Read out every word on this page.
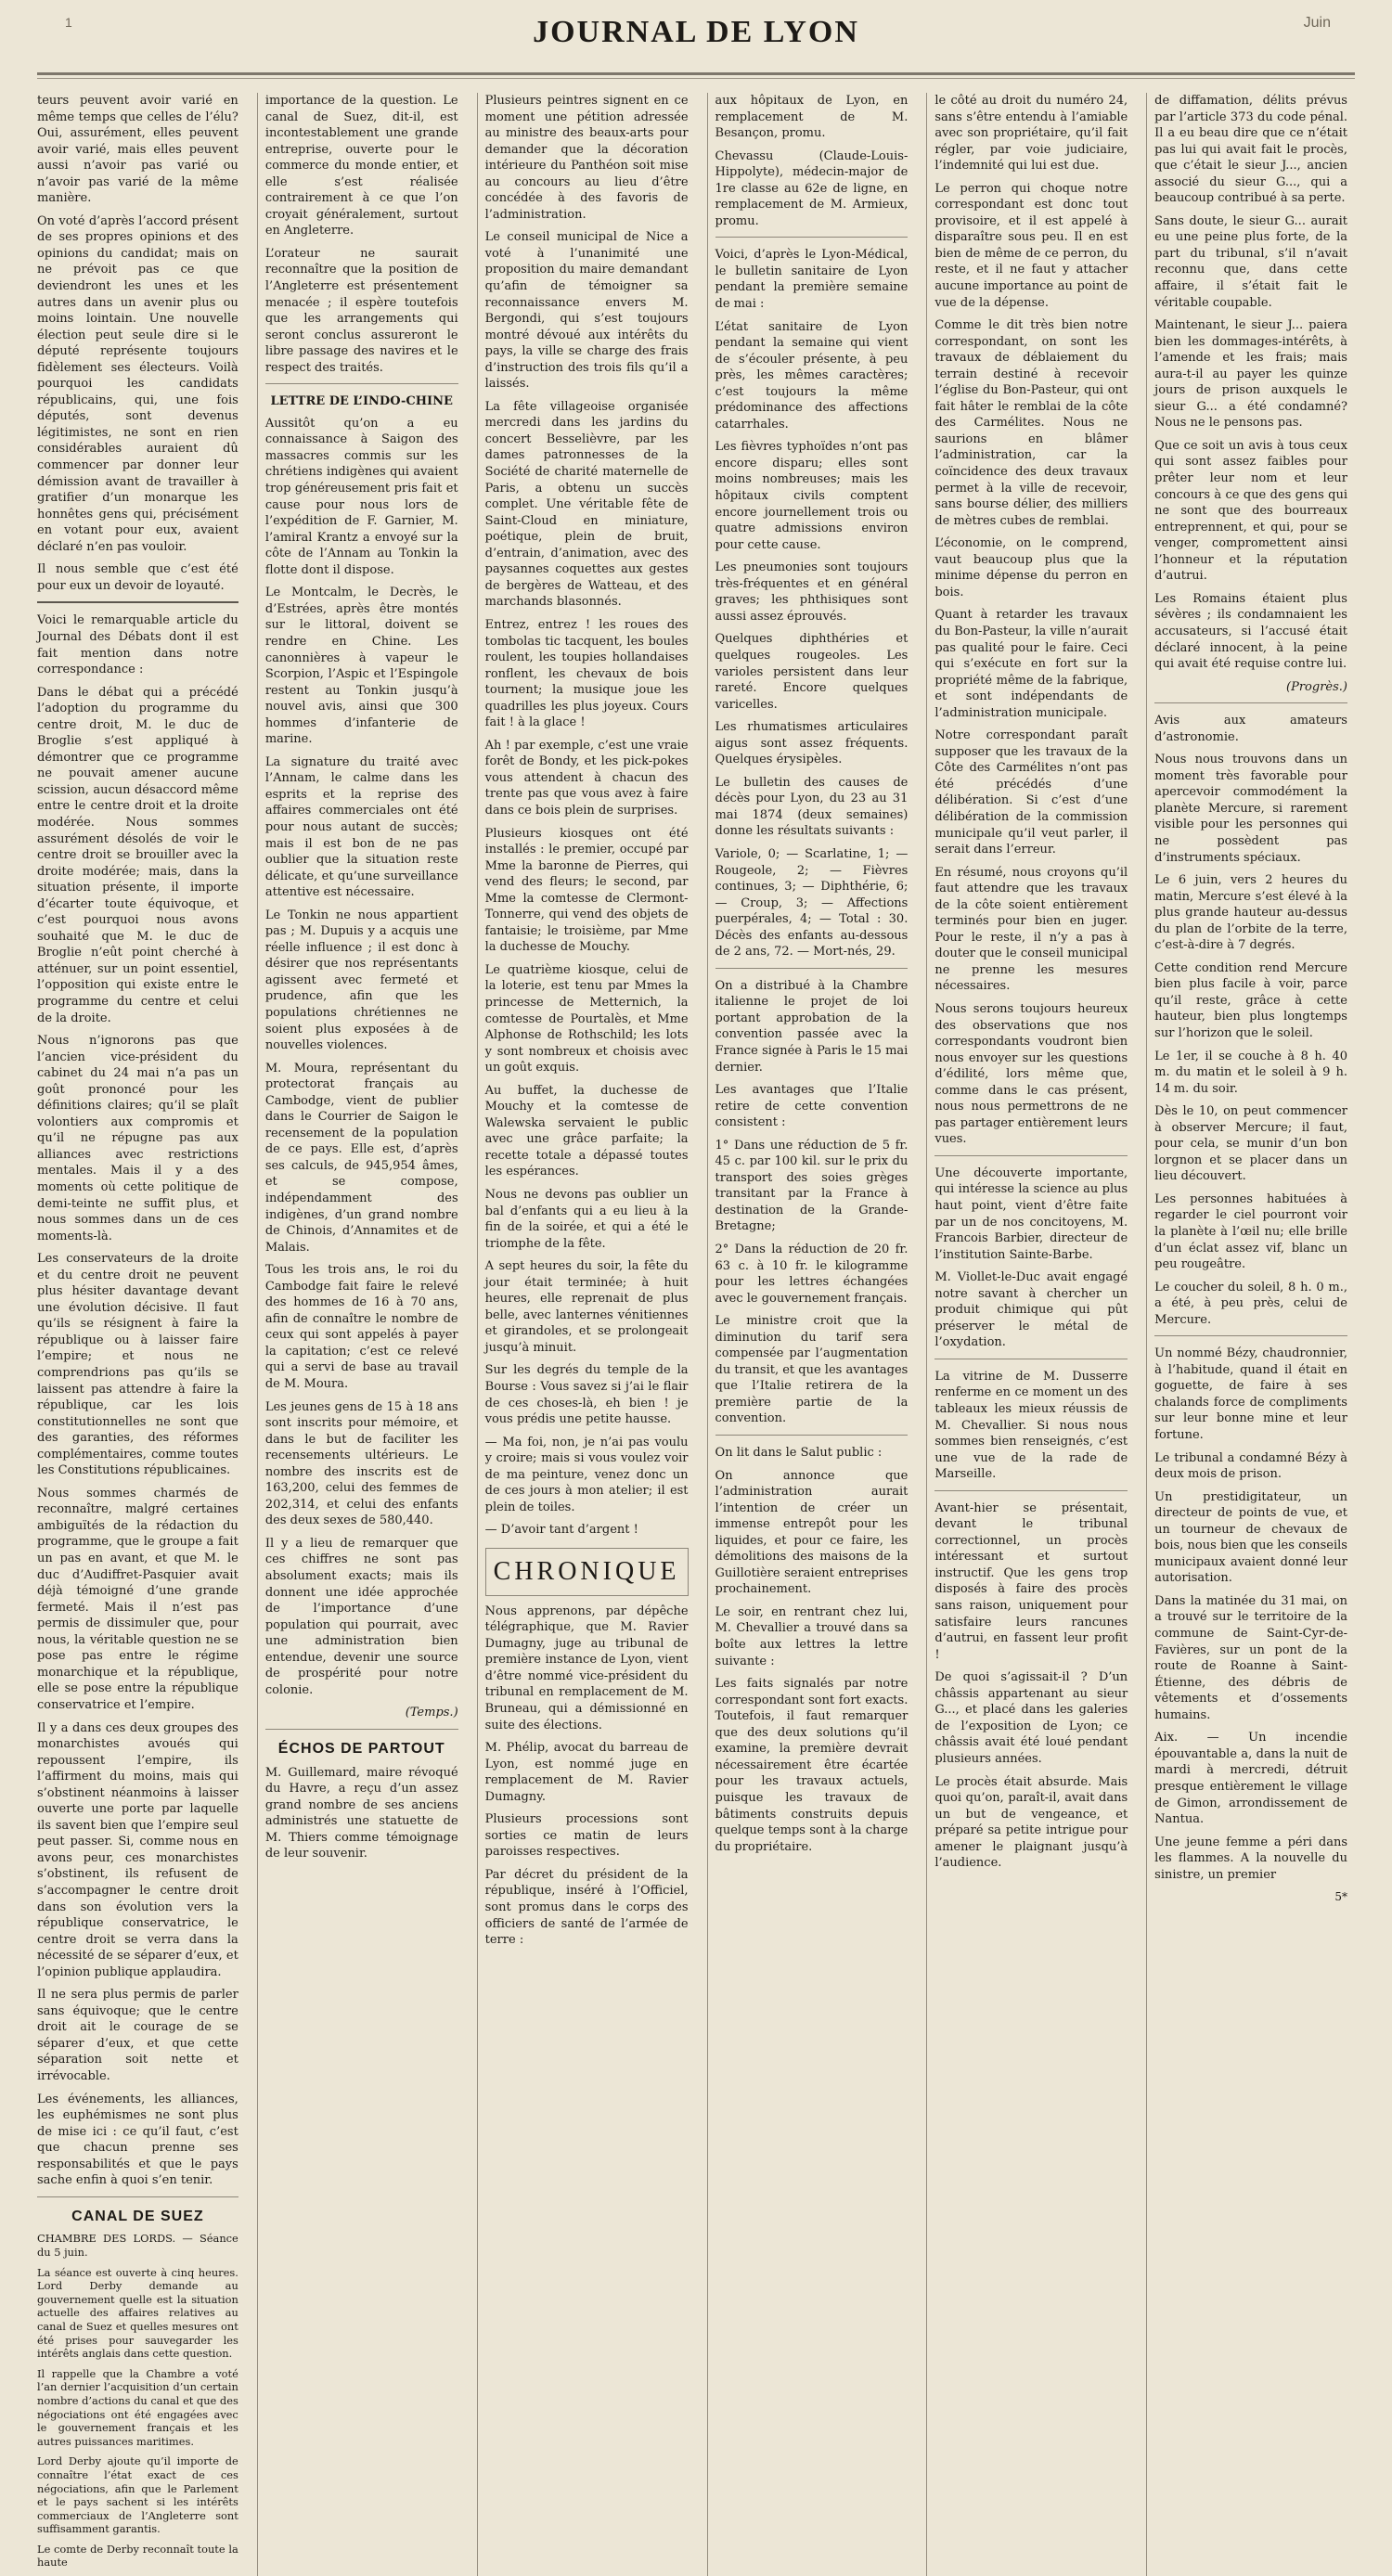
1	JOURNAL DE LYON	Juin

teurs peuvent avoir varié en même temps que celles de l’élu? Oui, assurément, elles peuvent avoir varié, mais elles peuvent aussi n’avoir pas varié ou n’avoir pas varié de la même manière.

On voté d’après l’accord présent de ses propres opinions et des opinions du candidat; mais on ne prévoit pas ce que deviendront les unes et les autres dans un avenir plus ou moins lointain. Une nouvelle élection peut seule dire si le député représente toujours fidèlement ses électeurs. Voilà pourquoi les candidats républicains, qui, une fois députés, sont devenus légitimistes, ne sont en rien considérables auraient dû commencer par donner leur démission avant de travailler à gratifier d’un monarque les honnêtes gens qui, précisément en votant pour eux, avaient déclaré n’en pas vouloir.

Il nous semble que c’est été pour eux un devoir de loyauté.

Voici le remarquable article du Journal des Débats dont il est fait mention dans notre correspondance :

Dans le débat qui a précédé l’adoption du programme du centre droit, M. le duc de Broglie s’est appliqué à démontrer que ce programme ne pouvait amener aucune scission, aucun désaccord même entre le centre droit et la droite modérée. Nous sommes assurément désolés de voir le centre droit se brouiller avec la droite modérée; mais, dans la situation présente, il importe d’écarter toute équivoque, et c’est pourquoi nous avons souhaité que M. le duc de Broglie n’eût point cherché à atténuer, sur un point essentiel, l’opposition qui existe entre le programme du centre et celui de la droite.

Nous n’ignorons pas que l’ancien vice-président du cabinet du 24 mai n’a pas un goût prononcé pour les définitions claires; qu’il se plaît volontiers aux compromis et qu’il ne répugne pas aux alliances avec restrictions mentales. Mais il y a des moments où cette politique de demi-teinte ne suffit plus, et nous sommes dans un de ces moments-là.

Les conservateurs de la droite et du centre droit ne peuvent plus hésiter davantage devant une évolution décisive. Il faut qu’ils se résignent à faire la république ou à laisser faire l’empire; et nous ne comprendrions pas qu’ils se laissent pas attendre à faire la république, car les lois constitutionnelles ne sont que des garanties, des réformes complémentaires, comme toutes les Constitutions républicaines.

Nous sommes charmés de reconnaître, malgré certaines ambiguïtés de la rédaction du programme, que le groupe a fait un pas en avant, et que M. le duc d’Audiffret-Pasquier avait déjà témoigné d’une grande fermeté. Mais il n’est pas permis de dissimuler que, pour nous, la véritable question ne se pose pas entre le régime monarchique et la république, elle se pose entre la république conservatrice et l’empire.

Il y a dans ces deux groupes des monarchistes avoués qui repoussent l’empire, ils l’affirment du moins, mais qui s’obstinent néanmoins à laisser ouverte une porte par laquelle ils savent bien que l’empire seul peut passer. Si, comme nous en avons peur, ces monarchistes s’obstinent, ils refusent de s’accompagner le centre droit dans son évolution vers la république conservatrice, le centre droit se verra dans la nécessité de se séparer d’eux, et l’opinion publique applaudira.

Il ne sera plus permis de parler sans équivoque; que le centre droit ait le courage de se séparer d’eux, et que cette séparation soit nette et irrévocable.

Les événements, les alliances, les euphémismes ne sont plus de mise ici : ce qu’il faut, c’est que chacun prenne ses responsabilités et que le pays sache enfin à quoi s’en tenir.

CANAL DE SUEZ

CHAMBRE DES LORDS. — Séance du 5 juin.

La séance est ouverte à cinq heures. Lord Derby demande au gouvernement quelle est la situation actuelle des affaires relatives au canal de Suez et quelles mesures ont été prises pour sauvegarder les intérêts anglais dans cette question.

Il rappelle que la Chambre a voté l’an dernier l’acquisition d’un certain nombre d’actions du canal et que des négociations ont été engagées avec le gouvernement français et les autres puissances maritimes.

Lord Derby ajoute qu’il importe de connaître l’état exact de ces négociations, afin que le Parlement et le pays sachent si les intérêts commerciaux de l’Angleterre sont suffisamment garantis.

Le comte de Derby reconnaît toute la haute

importance de la question. Le canal de Suez, dit-il, est incontestablement une grande entreprise, ouverte pour le commerce du monde entier, et elle s’est réalisée contrairement à ce que l’on croyait généralement, surtout en Angleterre.

L’orateur ne saurait reconnaître que la position de l’Angleterre est présentement menacée ; il espère toutefois que les arrangements qui seront conclus assureront le libre passage des navires et le respect des traités.

LETTRE DE L’INDO-CHINE

Aussitôt qu’on a eu connaissance à Saigon des massacres commis sur les chrétiens indigènes qui avaient trop généreusement pris fait et cause pour nous lors de l’expédition de F. Garnier, M. l’amiral Krantz a envoyé sur la côte de l’Annam au Tonkin la flotte dont il dispose.

Le Montcalm, le Decrès, le d’Estrées, après être montés sur le littoral, doivent se rendre en Chine. Les canonnières à vapeur le Scorpion, l’Aspic et l’Espingole restent au Tonkin jusqu’à nouvel avis, ainsi que 300 hommes d’infanterie de marine.

La signature du traité avec l’Annam, le calme dans les esprits et la reprise des affaires commerciales ont été pour nous autant de succès; mais il est bon de ne pas oublier que la situation reste délicate, et qu’une surveillance attentive est nécessaire.

Le Tonkin ne nous appartient pas ; M. Dupuis y a acquis une réelle influence ; il est donc à désirer que nos représentants agissent avec fermeté et prudence, afin que les populations chrétiennes ne soient plus exposées à de nouvelles violences.

M. Moura, représentant du protectorat français au Cambodge, vient de publier dans le Courrier de Saigon le recensement de la population de ce pays. Elle est, d’après ses calculs, de 945,954 âmes, et se compose, indépendamment des indigènes, d’un grand nombre de Chinois, d’Annamites et de Malais.

Tous les trois ans, le roi du Cambodge fait faire le relevé des hommes de 16 à 70 ans, afin de connaître le nombre de ceux qui sont appelés à payer la capitation; c’est ce relevé qui a servi de base au travail de M. Moura.

Les jeunes gens de 15 à 18 ans sont inscrits pour mémoire, et dans le but de faciliter les recensements ultérieurs. Le nombre des inscrits est de 163,200, celui des femmes de 202,314, et celui des enfants des deux sexes de 580,440.

Il y a lieu de remarquer que ces chiffres ne sont pas absolument exacts; mais ils donnent une idée approchée de l’importance d’une population qui pourrait, avec une administration bien entendue, devenir une source de prospérité pour notre colonie.

(Temps.)
ÉCHOS DE PARTOUT

M. Guillemard, maire révoqué du Havre, a reçu d’un assez grand nombre de ses anciens administrés une statuette de M. Thiers comme témoignage de leur souvenir.

Plusieurs peintres signent en ce moment une pétition adressée au ministre des beaux-arts pour demander que la décoration intérieure du Panthéon soit mise au concours au lieu d’être concédée à des favoris de l’administration.

Le conseil municipal de Nice a voté à l’unanimité une proposition du maire demandant qu’afin de témoigner sa reconnaissance envers M. Bergondi, qui s’est toujours montré dévoué aux intérêts du pays, la ville se charge des frais d’instruction des trois fils qu’il a laissés.

La fête villageoise organisée mercredi dans les jardins du concert Besselièvre, par les dames patronnesses de la Société de charité maternelle de Paris, a obtenu un succès complet. Une véritable fête de Saint-Cloud en miniature, poétique, plein de bruit, d’entrain, d’animation, avec des paysannes coquettes aux gestes de bergères de Watteau, et des marchands blasonnés.

Entrez, entrez ! les roues des tombolas tic tacquent, les boules roulent, les toupies hollandaises ronflent, les chevaux de bois tournent; la musique joue les quadrilles les plus joyeux. Cours fait ! à la glace !

Ah ! par exemple, c’est une vraie forêt de Bondy, et les pick-pokes vous attendent à chacun des trente pas que vous avez à faire dans ce bois plein de surprises.

Plusieurs kiosques ont été installés : le premier, occupé par Mme la baronne de Pierres, qui vend des fleurs; le second, par Mme la comtesse de Clermont-Tonnerre, qui vend des objets de fantaisie; le troisième, par Mme la duchesse de Mouchy.

Le quatrième kiosque, celui de la loterie, est tenu par Mmes la princesse de Metternich, la comtesse de Pourtalès, et Mme Alphonse de Rothschild; les lots y sont nombreux et choisis avec un goût exquis.

Au buffet, la duchesse de Mouchy et la comtesse de Walewska servaient le public avec une grâce parfaite; la recette totale a dépassé toutes les espérances.

Nous ne devons pas oublier un bal d’enfants qui a eu lieu à la fin de la soirée, et qui a été le triomphe de la fête.

A sept heures du soir, la fête du jour était terminée; à huit heures, elle reprenait de plus belle, avec lanternes vénitiennes et girandoles, et se prolongeait jusqu’à minuit.

Sur les degrés du temple de la Bourse : Vous savez si j’ai le flair de ces choses-là, eh bien ! je vous prédis une petite hausse.

— Ma foi, non, je n’ai pas voulu y croire; mais si vous voulez voir de ma peinture, venez donc un de ces jours à mon atelier; il est plein de toiles.

— D’avoir tant d’argent !

CHRONIQUE

Nous apprenons, par dépêche télégraphique, que M. Ravier Dumagny, juge au tribunal de première instance de Lyon, vient d’être nommé vice-président du tribunal en remplacement de M. Bruneau, qui a démissionné en suite des élections.

M. Phélip, avocat du barreau de Lyon, est nommé juge en remplacement de M. Ravier Dumagny.

Plusieurs processions sont sorties ce matin de leurs paroisses respectives.

Par décret du président de la république, inséré à l’Officiel, sont promus dans le corps des officiers de santé de l’armée de terre :

aux hôpitaux de Lyon, en remplacement de M. Besançon, promu.

Chevassu (Claude-Louis-Hippolyte), médecin-major de 1re classe au 62e de ligne, en remplacement de M. Armieux, promu.

Voici, d’après le Lyon-Médical, le bulletin sanitaire de Lyon pendant la première semaine de mai :

L’état sanitaire de Lyon pendant la semaine qui vient de s’écouler présente, à peu près, les mêmes caractères; c’est toujours la même prédominance des affections catarrhales.

Les fièvres typhoïdes n’ont pas encore disparu; elles sont moins nombreuses; mais les hôpitaux civils comptent encore journellement trois ou quatre admissions environ pour cette cause.

Les pneumonies sont toujours très-fréquentes et en général graves; les phthisiques sont aussi assez éprouvés.

Quelques diphthéries et quelques rougeoles. Les varioles persistent dans leur rareté. Encore quelques varicelles.

Les rhumatismes articulaires aigus sont assez fréquents. Quelques érysipèles.

Le bulletin des causes de décès pour Lyon, du 23 au 31 mai 1874 (deux semaines) donne les résultats suivants :

Variole, 0; — Scarlatine, 1; — Rougeole, 2; — Fièvres continues, 3; — Diphthérie, 6; — Croup, 3; — Affections puerpérales, 4; — Total : 30. Décès des enfants au-dessous de 2 ans, 72. — Mort-nés, 29.

On a distribué à la Chambre italienne le projet de loi portant approbation de la convention passée avec la France signée à Paris le 15 mai dernier.

Les avantages que l’Italie retire de cette convention consistent :

1° Dans une réduction de 5 fr. 45 c. par 100 kil. sur le prix du transport des soies grèges transitant par la France à destination de la Grande-Bretagne;

2° Dans la réduction de 20 fr. 63 c. à 10 fr. le kilogramme pour les lettres échangées avec le gouvernement français.

Le ministre croit que la diminution du tarif sera compensée par l’augmentation du transit, et que les avantages que l’Italie retirera de la première partie de la convention.

On lit dans le Salut public :

On annonce que l’administration aurait l’intention de créer un immense entrepôt pour les liquides, et pour ce faire, les démolitions des maisons de la Guillotière seraient entreprises prochainement.

Le soir, en rentrant chez lui, M. Chevallier a trouvé dans sa boîte aux lettres la lettre suivante :

Les faits signalés par notre correspondant sont fort exacts. Toutefois, il faut remarquer que des deux solutions qu’il examine, la première devrait nécessairement être écartée pour les travaux actuels, puisque les travaux de bâtiments construits depuis quelque temps sont à la charge du propriétaire.

le côté au droit du numéro 24, sans s’être entendu à l’amiable avec son propriétaire, qu’il fait régler, par voie judiciaire, l’indemnité qui lui est due.

Le perron qui choque notre correspondant est donc tout provisoire, et il est appelé à disparaître sous peu. Il en est bien de même de ce perron, du reste, et il ne faut y attacher aucune importance au point de vue de la dépense.

Comme le dit très bien notre correspondant, on sont les travaux de déblaiement du terrain destiné à recevoir l’église du Bon-Pasteur, qui ont fait hâter le remblai de la côte des Carmélites. Nous ne saurions en blâmer l’administration, car la coïncidence des deux travaux permet à la ville de recevoir, sans bourse délier, des milliers de mètres cubes de remblai.

L’économie, on le comprend, vaut beaucoup plus que la minime dépense du perron en bois.

Quant à retarder les travaux du Bon-Pasteur, la ville n’aurait pas qualité pour le faire. Ceci qui s’exécute en fort sur la propriété même de la fabrique, et sont indépendants de l’administration municipale.

Notre correspondant paraît supposer que les travaux de la Côte des Carmélites n’ont pas été précédés d’une délibération. Si c’est d’une délibération de la commission municipale qu’il veut parler, il serait dans l’erreur.

En résumé, nous croyons qu’il faut attendre que les travaux de la côte soient entièrement terminés pour bien en juger. Pour le reste, il n’y a pas à douter que le conseil municipal ne prenne les mesures nécessaires.

Nous serons toujours heureux des observations que nos correspondants voudront bien nous envoyer sur les questions d’édilité, lors même que, comme dans le cas présent, nous nous permettrons de ne pas partager entièrement leurs vues.

Une découverte importante, qui intéresse la science au plus haut point, vient d’être faite par un de nos concitoyens, M. Francois Barbier, directeur de l’institution Sainte-Barbe.

M. Viollet-le-Duc avait engagé notre savant à chercher un produit chimique qui pût préserver le métal de l’oxydation.

La vitrine de M. Dusserre renferme en ce moment un des tableaux les mieux réussis de M. Chevallier. Si nous nous sommes bien renseignés, c’est une vue de la rade de Marseille.

Avant-hier se présentait, devant le tribunal correctionnel, un procès intéressant et surtout instructif. Que les gens trop disposés à faire des procès sans raison, uniquement pour satisfaire leurs rancunes d’autrui, en fassent leur profit !

De quoi s’agissait-il ? D’un châssis appartenant au sieur G..., et placé dans les galeries de l’exposition de Lyon; ce châssis avait été loué pendant plusieurs années.

Le procès était absurde. Mais quoi qu’on, paraît-il, avait dans un but de vengeance, et préparé sa petite intrigue pour amener le plaignant jusqu’à l’audience.

de diffamation, délits prévus par l’article 373 du code pénal. Il a eu beau dire que ce n’était pas lui qui avait fait le procès, que c’était le sieur J..., ancien associé du sieur G..., qui a beaucoup contribué à sa perte.

Sans doute, le sieur G... aurait eu une peine plus forte, de la part du tribunal, s’il n’avait reconnu que, dans cette affaire, il s’était fait le véritable coupable.

Maintenant, le sieur J... paiera bien les dommages-intérêts, à l’amende et les frais; mais aura-t-il au payer les quinze jours de prison auxquels le sieur G... a été condamné? Nous ne le pensons pas.

Que ce soit un avis à tous ceux qui sont assez faibles pour prêter leur nom et leur concours à ce que des gens qui ne sont que des bourreaux entreprennent, et qui, pour se venger, compromettent ainsi l’honneur et la réputation d’autrui.

Les Romains étaient plus sévères ; ils condamnaient les accusateurs, si l’accusé était déclaré innocent, à la peine qui avait été requise contre lui.

(Progrès.)

Avis aux amateurs d’astronomie.

Nous nous trouvons dans un moment très favorable pour apercevoir commodément la planète Mercure, si rarement visible pour les personnes qui ne possèdent pas d’instruments spéciaux.

Le 6 juin, vers 2 heures du matin, Mercure s’est élevé à la plus grande hauteur au-dessus du plan de l’orbite de la terre, c’est-à-dire à 7 degrés.

Cette condition rend Mercure bien plus facile à voir, parce qu’il reste, grâce à cette hauteur, bien plus longtemps sur l’horizon que le soleil.

Le 1er, il se couche à 8 h. 40 m. du matin et le soleil à 9 h. 14 m. du soir.

Dès le 10, on peut commencer à observer Mercure; il faut, pour cela, se munir d’un bon lorgnon et se placer dans un lieu découvert.

Les personnes habituées à regarder le ciel pourront voir la planète à l’œil nu; elle brille d’un éclat assez vif, blanc un peu rougeâtre.

Le coucher du soleil, 8 h. 0 m., a été, à peu près, celui de Mercure.

Un nommé Bézy, chaudronnier, à l’habitude, quand il était en goguette, de faire à ses chalands force de compliments sur leur bonne mine et leur fortune.

Le tribunal a condamné Bézy à deux mois de prison.

Un prestidigitateur, un directeur de points de vue, et un tourneur de chevaux de bois, nous bien que les conseils municipaux avaient donné leur autorisation.

Dans la matinée du 31 mai, on a trouvé sur le territoire de la commune de Saint-Cyr-de-Favières, sur un pont de la route de Roanne à Saint-Étienne, des débris de vêtements et d’ossements humains.

Aix. — Un incendie épouvantable a, dans la nuit de mardi à mercredi, détruit presque entièrement le village de Gimon, arrondissement de Nantua.

Une jeune femme a péri dans les flammes. A la nouvelle du sinistre, un premier

5*
